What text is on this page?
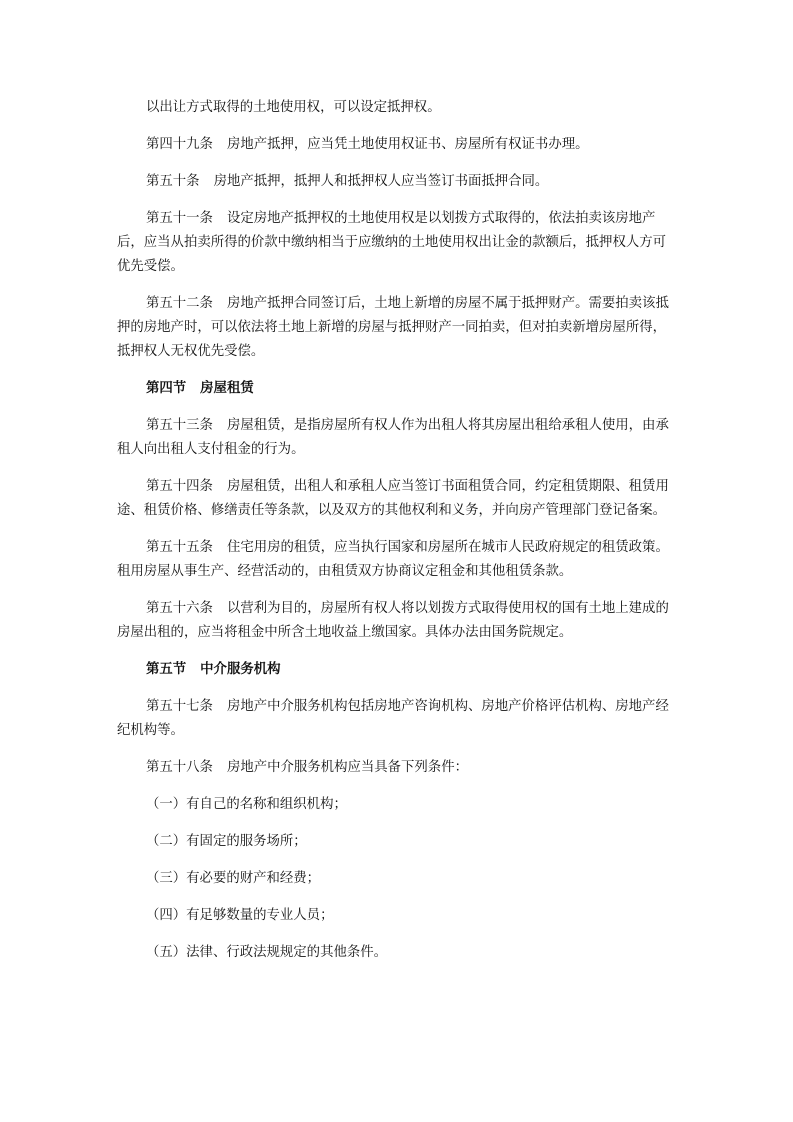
以出让方式取得的土地使用权，可以设定抵押权。

第四十九条 房地产抵押，应当凭土地使用权证书、房屋所有权证书办理。

第五十条 房地产抵押，抵押人和抵押权人应当签订书面抵押合同。

第五十一条 设定房地产抵押权的土地使用权是以划拨方式取得的，依法拍卖该房地产后，应当从拍卖所得的价款中缴纳相当于应缴纳的土地使用权出让金的款额后，抵押权人方可优先受偿。

第五十二条 房地产抵押合同签订后，土地上新增的房屋不属于抵押财产。需要拍卖该抵押的房地产时，可以依法将土地上新增的房屋与抵押财产一同拍卖，但对拍卖新增房屋所得，抵押权人无权优先受偿。

第四节 房屋租赁

第五十三条 房屋租赁，是指房屋所有权人作为出租人将其房屋出租给承租人使用，由承租人向出租人支付租金的行为。

第五十四条 房屋租赁，出租人和承租人应当签订书面租赁合同，约定租赁期限、租赁用途、租赁价格、修缮责任等条款，以及双方的其他权利和义务，并向房产管理部门登记备案。

第五十五条 住宅用房的租赁，应当执行国家和房屋所在城市人民政府规定的租赁政策。租用房屋从事生产、经营活动的，由租赁双方协商议定租金和其他租赁条款。

第五十六条 以营利为目的，房屋所有权人将以划拨方式取得使用权的国有土地上建成的房屋出租的，应当将租金中所含土地收益上缴国家。具体办法由国务院规定。

第五节 中介服务机构

第五十七条 房地产中介服务机构包括房地产咨询机构、房地产价格评估机构、房地产经纪机构等。

第五十八条 房地产中介服务机构应当具备下列条件：

（一）有自己的名称和组织机构；

（二）有固定的服务场所；

（三）有必要的财产和经费；

（四）有足够数量的专业人员；

（五）法律、行政法规规定的其他条件。
